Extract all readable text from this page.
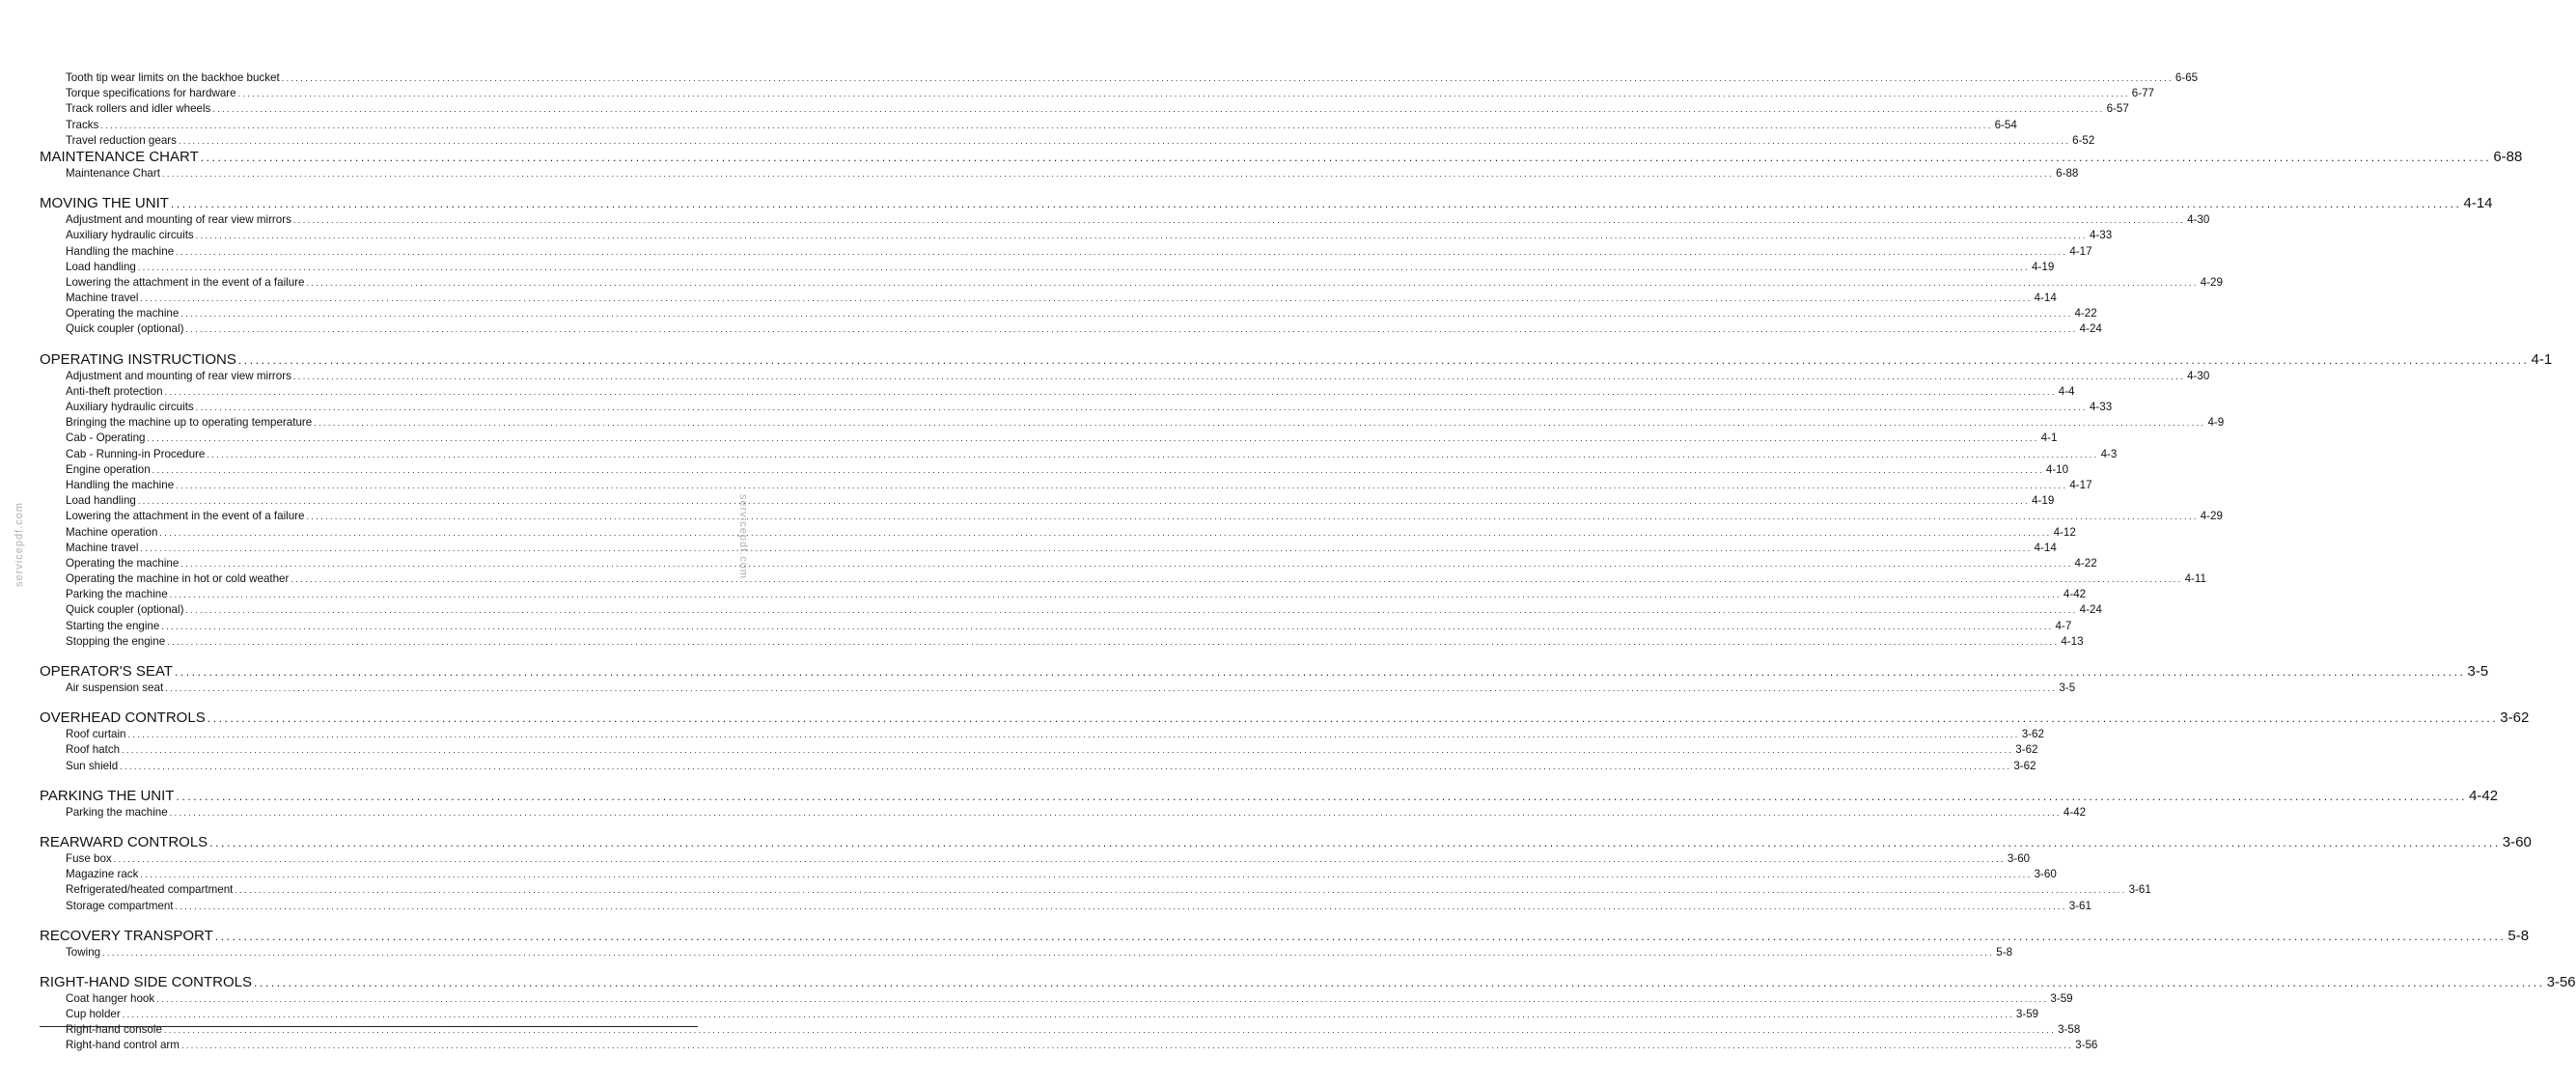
Tooth tip wear limits on the backhoe bucket ................................................................................................................................................................................................................................................................................................................................................................................................................ 6-65
Torque specifications for hardware ................................................................................................................................................................................................................................................................................................................................................................................................................ 6-77
Track rollers and idler wheels ................................................................................................................................................................................................................................................................................................................................................................................................................ 6-57
Tracks ................................................................................................................................................................................................................................................................................................................................................................................................................ 6-54
Travel reduction gears ................................................................................................................................................................................................................................................................................................................................................................................................................ 6-52
MAINTENANCE CHART ................................................................................................................................................................................................................................................................................................................................................................................................................ 6-88
Maintenance Chart ................................................................................................................................................................................................................................................................................................................................................................................................................ 6-88
MOVING THE UNIT ................................................................................................................................................................................................................................................................................................................................................................................................................ 4-14
Adjustment and mounting of rear view mirrors ................................................................................................................................................................................................................................................................................................................................................................................................................ 4-30
Auxiliary hydraulic circuits ................................................................................................................................................................................................................................................................................................................................................................................................................ 4-33
Handling the machine ................................................................................................................................................................................................................................................................................................................................................................................................................ 4-17
Load handling ................................................................................................................................................................................................................................................................................................................................................................................................................ 4-19
Lowering the attachment in the event of a failure ................................................................................................................................................................................................................................................................................................................................................................................................................ 4-29
Machine travel ................................................................................................................................................................................................................................................................................................................................................................................................................ 4-14
Operating the machine ................................................................................................................................................................................................................................................................................................................................................................................................................ 4-22
Quick coupler (optional) ................................................................................................................................................................................................................................................................................................................................................................................................................ 4-24
OPERATING INSTRUCTIONS ................................................................................................................................................................................................................................................................................................................................................................................................................ 4-1
Adjustment and mounting of rear view mirrors ................................................................................................................................................................................................................................................................................................................................................................................................................ 4-30
Anti-theft protection ................................................................................................................................................................................................................................................................................................................................................................................................................ 4-4
Auxiliary hydraulic circuits ................................................................................................................................................................................................................................................................................................................................................................................................................ 4-33
Bringing the machine up to operating temperature ................................................................................................................................................................................................................................................................................................................................................................................................................ 4-9
Cab - Operating ................................................................................................................................................................................................................................................................................................................................................................................................................ 4-1
Cab - Running-in Procedure ................................................................................................................................................................................................................................................................................................................................................................................................................ 4-3
Engine operation ................................................................................................................................................................................................................................................................................................................................................................................................................ 4-10
Handling the machine ................................................................................................................................................................................................................................................................................................................................................................................................................ 4-17
Load handling ................................................................................................................................................................................................................................................................................................................................................................................................................ 4-19
Lowering the attachment in the event of a failure ................................................................................................................................................................................................................................................................................................................................................................................................................ 4-29
Machine operation ................................................................................................................................................................................................................................................................................................................................................................................................................ 4-12
Machine travel ................................................................................................................................................................................................................................................................................................................................................................................................................ 4-14
Operating the machine ................................................................................................................................................................................................................................................................................................................................................................................................................ 4-22
Operating the machine in hot or cold weather ................................................................................................................................................................................................................................................................................................................................................................................................................ 4-11
Parking the machine ................................................................................................................................................................................................................................................................................................................................................................................................................ 4-42
Quick coupler (optional) ................................................................................................................................................................................................................................................................................................................................................................................................................ 4-24
Starting the engine ................................................................................................................................................................................................................................................................................................................................................................................................................ 4-7
Stopping the engine ................................................................................................................................................................................................................................................................................................................................................................................................................ 4-13
OPERATOR'S SEAT ................................................................................................................................................................................................................................................................................................................................................................................................................ 3-5
Air suspension seat ................................................................................................................................................................................................................................................................................................................................................................................................................ 3-5
OVERHEAD CONTROLS ................................................................................................................................................................................................................................................................................................................................................................................................................ 3-62
Roof curtain ................................................................................................................................................................................................................................................................................................................................................................................................................ 3-62
Roof hatch ................................................................................................................................................................................................................................................................................................................................................................................................................ 3-62
Sun shield ................................................................................................................................................................................................................................................................................................................................................................................................................ 3-62
PARKING THE UNIT ................................................................................................................................................................................................................................................................................................................................................................................................................ 4-42
Parking the machine ................................................................................................................................................................................................................................................................................................................................................................................................................ 4-42
REARWARD CONTROLS ................................................................................................................................................................................................................................................................................................................................................................................................................ 3-60
Fuse box ................................................................................................................................................................................................................................................................................................................................................................................................................ 3-60
Magazine rack ................................................................................................................................................................................................................................................................................................................................................................................................................ 3-60
Refrigerated/heated compartment ................................................................................................................................................................................................................................................................................................................................................................................................................ 3-61
Storage compartment ................................................................................................................................................................................................................................................................................................................................................................................................................ 3-61
RECOVERY TRANSPORT ................................................................................................................................................................................................................................................................................................................................................................................................................ 5-8
Towing ................................................................................................................................................................................................................................................................................................................................................................................................................ 5-8
RIGHT-HAND SIDE CONTROLS ................................................................................................................................................................................................................................................................................................................................................................................................................ 3-56
Coat hanger hook ................................................................................................................................................................................................................................................................................................................................................................................................................ 3-59
Cup holder ................................................................................................................................................................................................................................................................................................................................................................................................................ 3-59
Right-hand console ................................................................................................................................................................................................................................................................................................................................................................................................................ 3-58
Right-hand control arm ................................................................................................................................................................................................................................................................................................................................................................................................................ 3-56
servicepdf.com	servicepdf.com
